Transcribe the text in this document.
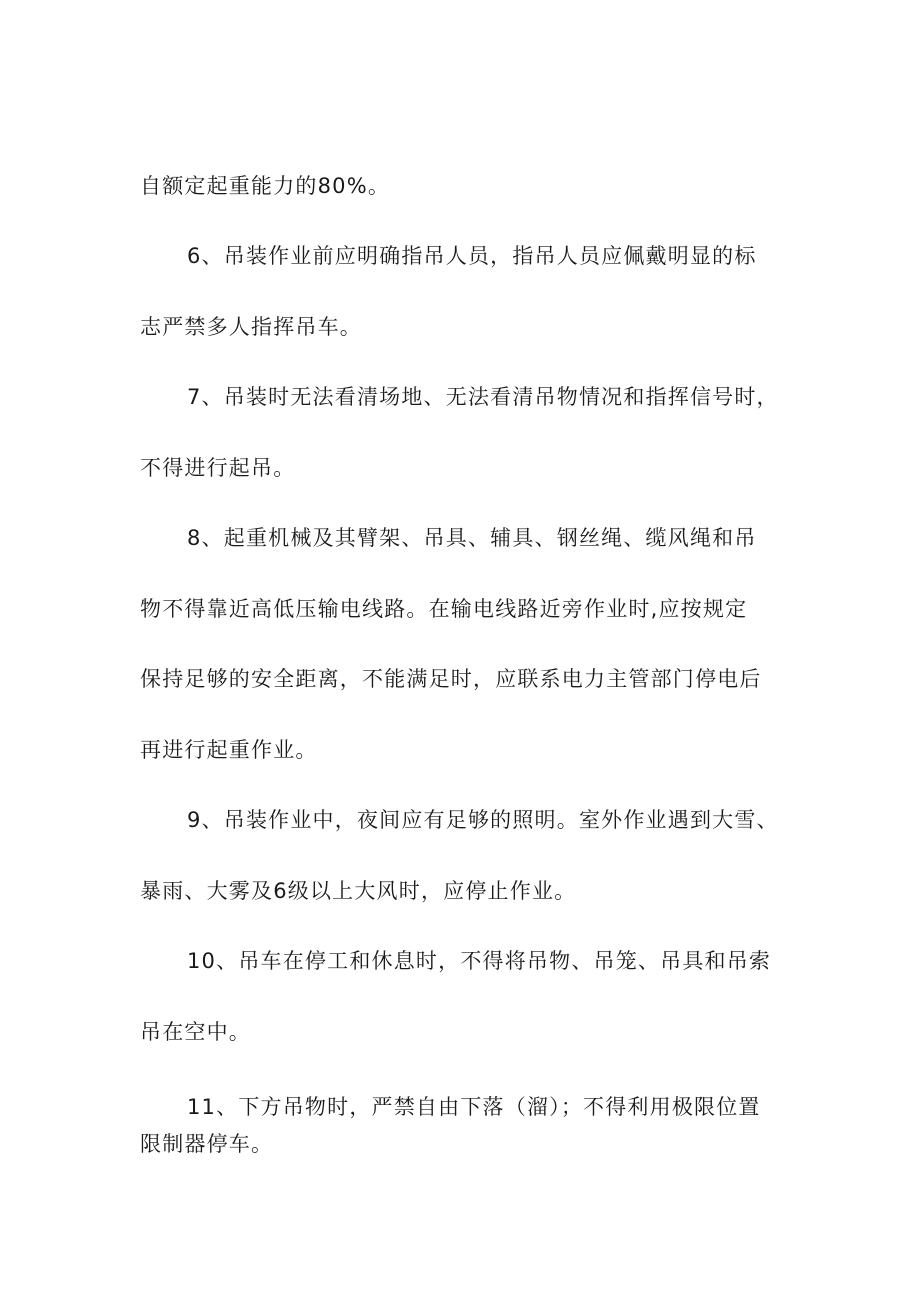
自额定起重能力的80%。
6、吊装作业前应明确指吊人员，指吊人员应佩戴明显的标
志严禁多人指挥吊车。
7、吊装时无法看清场地、无法看清吊物情况和指挥信号时，
不得进行起吊。
8、起重机械及其臂架、吊具、辅具、钢丝绳、缆风绳和吊
物不得靠近高低压输电线路。在输电线路近旁作业时,应按规定
保持足够的安全距离，不能满足时，应联系电力主管部门停电后
再进行起重作业。
9、吊装作业中，夜间应有足够的照明。室外作业遇到大雪、
暴雨、大雾及6级以上大风时，应停止作业。
10、吊车在停工和休息时，不得将吊物、吊笼、吊具和吊索
吊在空中。
11、下方吊物时，严禁自由下落（溜）；不得利用极限位置
限制器停车。
